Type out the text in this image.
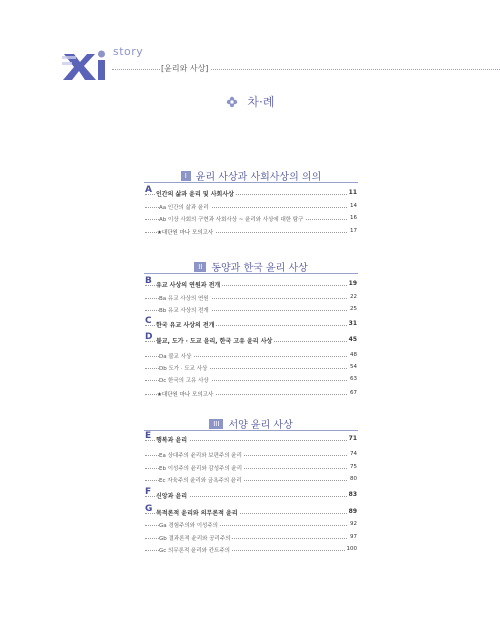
story
[윤리와 사상]
차·례
I 윤리 사상과 사회사상의 의의
II 동양과 한국 윤리 사상
III 서양 윤리 사상
A 인간의 삶과 윤리 및 사회사상	11
Aa 인간의 삶과 윤리	14
Ab 이상 사회의 구현과 사회사상 ~ 윤리와 사상에 대한 탐구	16
★대단원 마나 모의고사	17
B 유교 사상의 연원과 전개	19
Ba 유교 사상의 연원	22
Bb 유교 사상의 전개	25
C 한국 유교 사상의 전개	31
D 불교, 도가 · 도교 윤리, 한국 고유 윤리 사상	45
Da 불교 사상	48
Db 도가 · 도교 사상	54
Dc 한국의 고유 사상	63
★대단원 마나 모의고사	67
E 행복과 윤리	71
Ea 상대주의 윤리와 보편주의 윤리	74
Eb 이성주의 윤리와 감성주의 윤리	75
Ec 자육주의 윤리와 금욕주의 윤리	80
F 신앙과 윤리	83
G 목적론적 윤리와 의무론적 윤리	89
Ga 경험주의와 이성주의	92
Gb 결과론적 윤리와 공리주의	97
Gc 의무론적 윤리와 칸트주의	100
